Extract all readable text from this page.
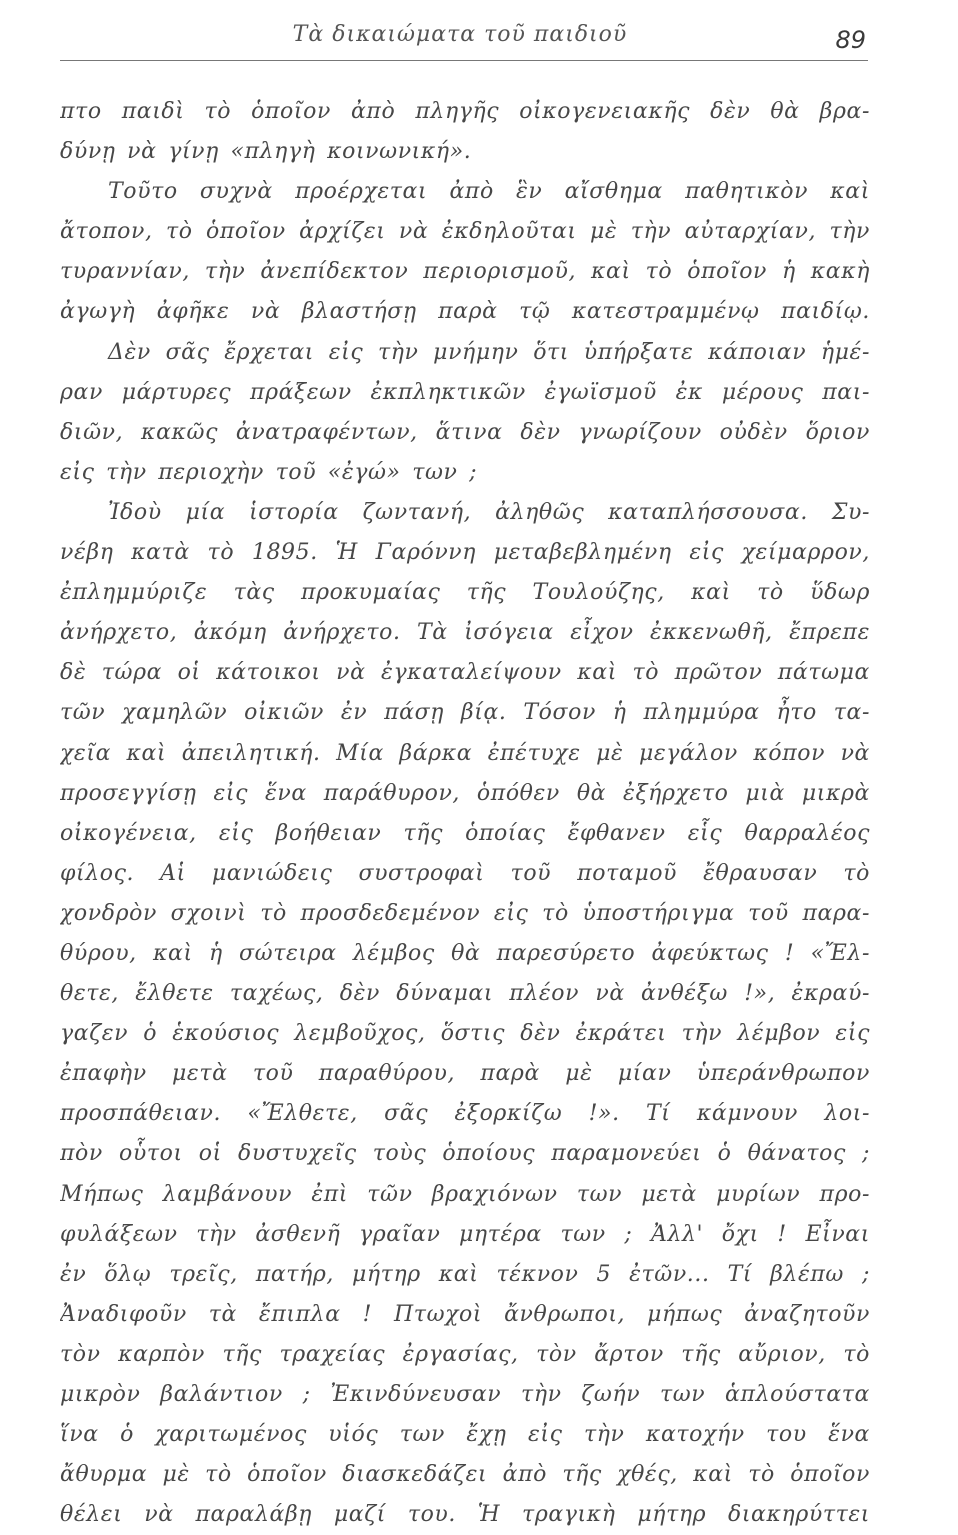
Τὰ δικαιώματα τοῦ παιδιοῦ	89
πτο παιδὶ τὸ ὁποῖον ἀπὸ πληγῆς οἰκογενειακῆς δὲν θὰ βρα-
δύνῃ νὰ γίνῃ «πληγὴ κοινωνική».
Τοῦτο συχνὰ προέρχεται ἀπὸ ἓν αἴσθημα παθητικὸν καὶ
ἄτοπον, τὸ ὁποῖον ἀρχίζει νὰ ἐκδηλοῦται μὲ τὴν αὐταρχίαν, τὴν
τυραννίαν, τὴν ἀνεπίδεκτον περιορισμοῦ, καὶ τὸ ὁποῖον ἡ κακὴ
ἀγωγὴ ἀφῆκε νὰ βλαστήσῃ παρὰ τῷ κατεστραμμένῳ παιδίῳ.
Δὲν σᾶς ἔρχεται εἰς τὴν μνήμην ὅτι ὑπήρξατε κάποιαν ἡμέ-
ραν μάρτυρες πράξεων ἐκπληκτικῶν ἐγωϊσμοῦ ἐκ μέρους παι-
διῶν, κακῶς ἀνατραφέντων, ἅτινα δὲν γνωρίζουν οὐδὲν ὅριον
εἰς τὴν περιοχὴν τοῦ «ἐγώ» των ;
Ἰδοὺ μία ἱστορία ζωντανή, ἀληθῶς καταπλήσσουσα. Συ-
νέβη κατὰ τὸ 1895. Ἡ Γαρόννη μεταβεβλημένη εἰς χείμαρρον,
ἐπλημμύριζε τὰς προκυμαίας τῆς Τουλούζης, καὶ τὸ ὕδωρ
ἀνήρχετο, ἀκόμη ἀνήρχετο. Τὰ ἰσόγεια εἶχον ἐκκενωθῆ, ἔπρεπε
δὲ τώρα οἱ κάτοικοι νὰ ἐγκαταλείψουν καὶ τὸ πρῶτον πάτωμα
τῶν χαμηλῶν οἰκιῶν ἐν πάσῃ βίᾳ. Τόσον ἡ πλημμύρα ἦτο τα-
χεῖα καὶ ἀπειλητική. Μία βάρκα ἐπέτυχε μὲ μεγάλον κόπον νὰ
προσεγγίσῃ εἰς ἕνα παράθυρον, ὁπόθεν θὰ ἐξήρχετο μιὰ μικρὰ
οἰκογένεια, εἰς βοήθειαν τῆς ὁποίας ἔφθανεν εἷς θαρραλέος
φίλος. Αἱ μανιώδεις συστροφαὶ τοῦ ποταμοῦ ἔθραυσαν τὸ
χονδρὸν σχοινὶ τὸ προσδεδεμένον εἰς τὸ ὑποστήριγμα τοῦ παρα-
θύρου, καὶ ἡ σώτειρα λέμβος θὰ παρεσύρετο ἀφεύκτως ! «Ἔλ-
θετε, ἔλθετε ταχέως, δὲν δύναμαι πλέον νὰ ἀνθέξω !», ἐκραύ-
γαζεν ὁ ἑκούσιος λεμβοῦχος, ὅστις δὲν ἐκράτει τὴν λέμβον εἰς
ἐπαφὴν μετὰ τοῦ παραθύρου, παρὰ μὲ μίαν ὑπεράνθρωπον
προσπάθειαν. «Ἔλθετε, σᾶς ἐξορκίζω !». Τί κάμνουν λοι-
πὸν οὗτοι οἱ δυστυχεῖς τοὺς ὁποίους παραμονεύει ὁ θάνατος ;
Μήπως λαμβάνουν ἐπὶ τῶν βραχιόνων των μετὰ μυρίων προ-
φυλάξεων τὴν ἀσθενῆ γραῖαν μητέρα των ; Ἀλλ' ὄχι ! Εἶναι
ἐν ὅλῳ τρεῖς, πατήρ, μήτηρ καὶ τέκνον 5 ἐτῶν... Τί βλέπω ;
Ἀναδιφοῦν τὰ ἔπιπλα ! Πτωχοὶ ἄνθρωποι, μήπως ἀναζητοῦν
τὸν καρπὸν τῆς τραχείας ἐργασίας, τὸν ἄρτον τῆς αὔριον, τὸ
μικρὸν βαλάντιον ; Ἐκινδύνευσαν τὴν ζωήν των ἁπλούστατα
ἵνα ὁ χαριτωμένος υἱός των ἔχῃ εἰς τὴν κατοχήν του ἕνα
ἄθυρμα μὲ τὸ ὁποῖον διασκεδάζει ἀπὸ τῆς χθές, καὶ τὸ ὁποῖον
θέλει νὰ παραλάβῃ μαζί του. Ἡ τραγικὴ μήτηρ διακηρύττει
